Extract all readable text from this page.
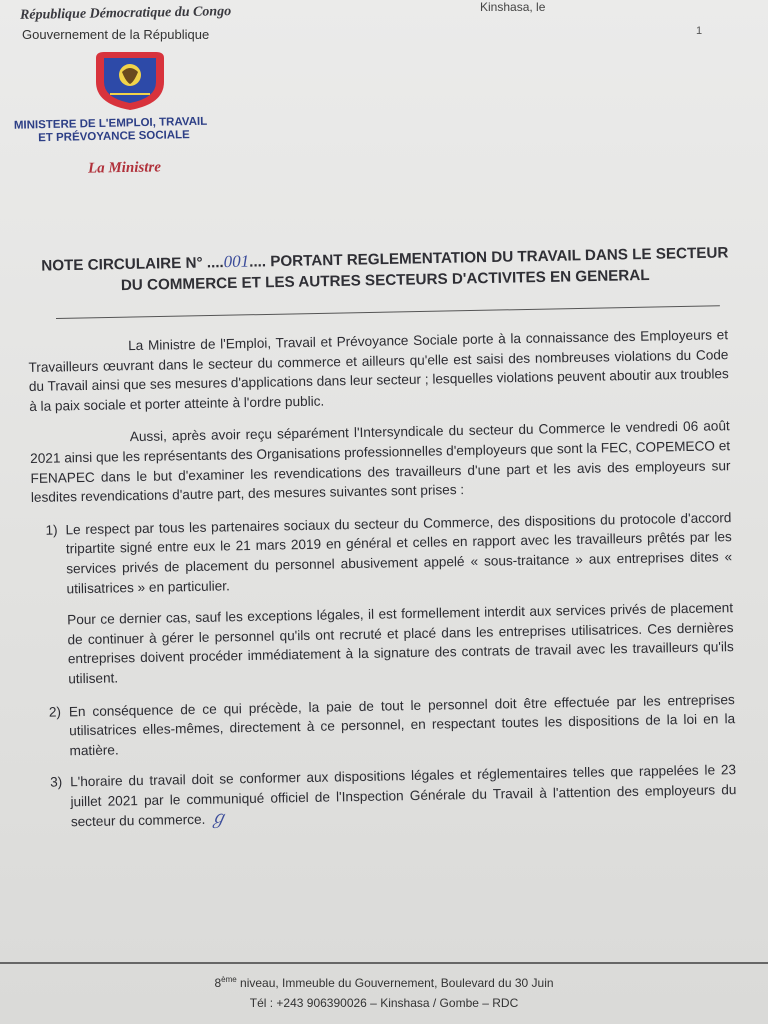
République Démocratique du Congo
Gouvernement de la République
Kinshasa, le
1
MINISTERE DE L'EMPLOI, TRAVAIL
ET PRÉVOYANCE SOCIALE
La Ministre
NOTE CIRCULAIRE N° ....001.... PORTANT REGLEMENTATION DU TRAVAIL DANS LE SECTEUR DU COMMERCE ET LES AUTRES SECTEURS D'ACTIVITES EN GENERAL

La Ministre de l'Emploi, Travail et Prévoyance Sociale porte à la connaissance des Employeurs et Travailleurs œuvrant dans le secteur du commerce et ailleurs qu'elle est saisi des nombreuses violations du Code du Travail ainsi que ses mesures d'applications dans leur secteur ; lesquelles violations peuvent aboutir aux troubles à la paix sociale et porter atteinte à l'ordre public.

Aussi, après avoir reçu séparément l'Intersyndicale du secteur du Commerce le vendredi 06 août 2021 ainsi que les représentants des Organisations professionnelles d'employeurs que sont la FEC, COPEMECO et FENAPEC dans le but d'examiner les revendications des travailleurs d'une part et les avis des employeurs sur lesdites revendications d'autre part, des mesures suivantes sont prises :

1) Le respect par tous les partenaires sociaux du secteur du Commerce, des dispositions du protocole d'accord tripartite signé entre eux le 21 mars 2019 en général et celles en rapport avec les travailleurs prêtés par les services privés de placement du personnel abusivement appelé « sous-traitance » aux entreprises dites « utilisatrices » en particulier.

Pour ce dernier cas, sauf les exceptions légales, il est formellement interdit aux services privés de placement de continuer à gérer le personnel qu'ils ont recruté et placé dans les entreprises utilisatrices. Ces dernières entreprises doivent procéder immédiatement à la signature des contrats de travail avec les travailleurs qu'ils utilisent.

2) En conséquence de ce qui précède, la paie de tout le personnel doit être effectuée par les entreprises utilisatrices elles-mêmes, directement à ce personnel, en respectant toutes les dispositions de la loi en la matière.
3) L'horaire du travail doit se conformer aux dispositions légales et réglementaires telles que rappelées le 23 juillet 2021 par le communiqué officiel de l'Inspection Générale du Travail à l'attention des employeurs du secteur du commerce. ℊ
8ème niveau, Immeuble du Gouvernement, Boulevard du 30 Juin
Tél : +243 906390026 – Kinshasa / Gombe – RDC
